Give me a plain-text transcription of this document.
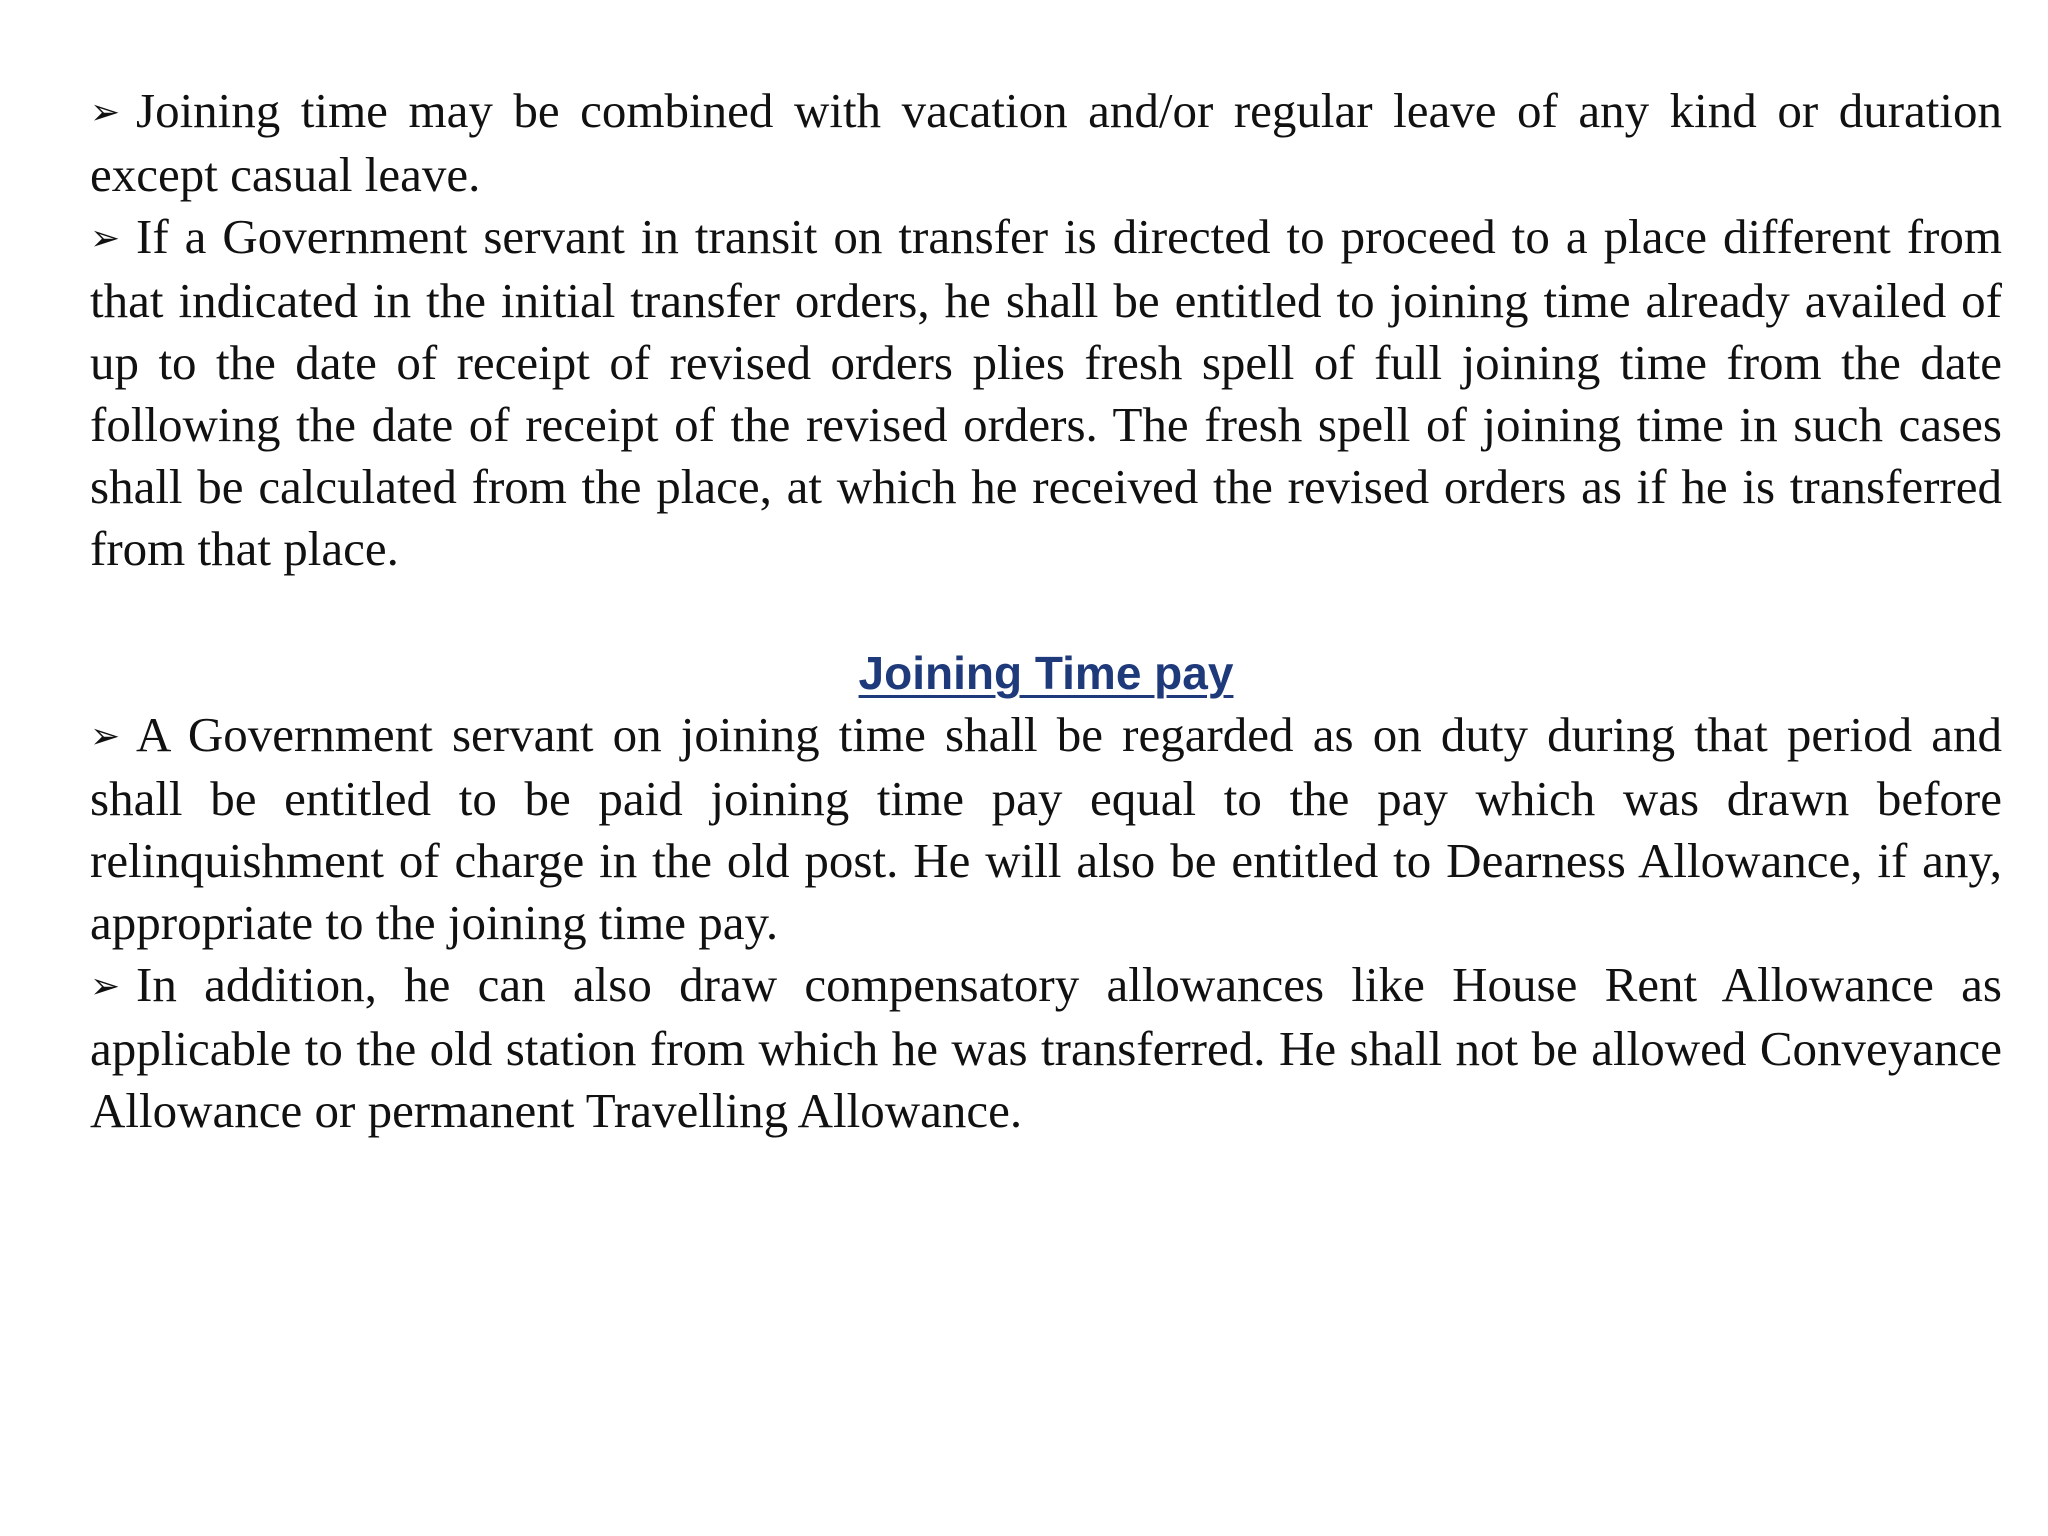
➢ Joining time may be combined with vacation and/or regular leave of any kind or duration except casual leave.

➢ If a Government servant in transit on transfer is directed to proceed to a place different from that indicated in the initial transfer orders, he shall be entitled to joining time already availed of up to the date of receipt of revised orders plies fresh spell of full joining time from the date following the date of receipt of the revised orders. The fresh spell of joining time in such cases shall be calculated from the place, at which he received the revised orders as if he is transferred from that place.

Joining Time pay

➢ A Government servant on joining time shall be regarded as on duty during that period and shall be entitled to be paid joining time pay equal to the pay which was drawn before relinquishment of charge in the old post. He will also be entitled to Dearness Allowance, if any, appropriate to the joining time pay.

➢ In addition, he can also draw compensatory allowances like House Rent Allowance as applicable to the old station from which he was transferred. He shall not be allowed Conveyance Allowance or permanent Travelling Allowance.
